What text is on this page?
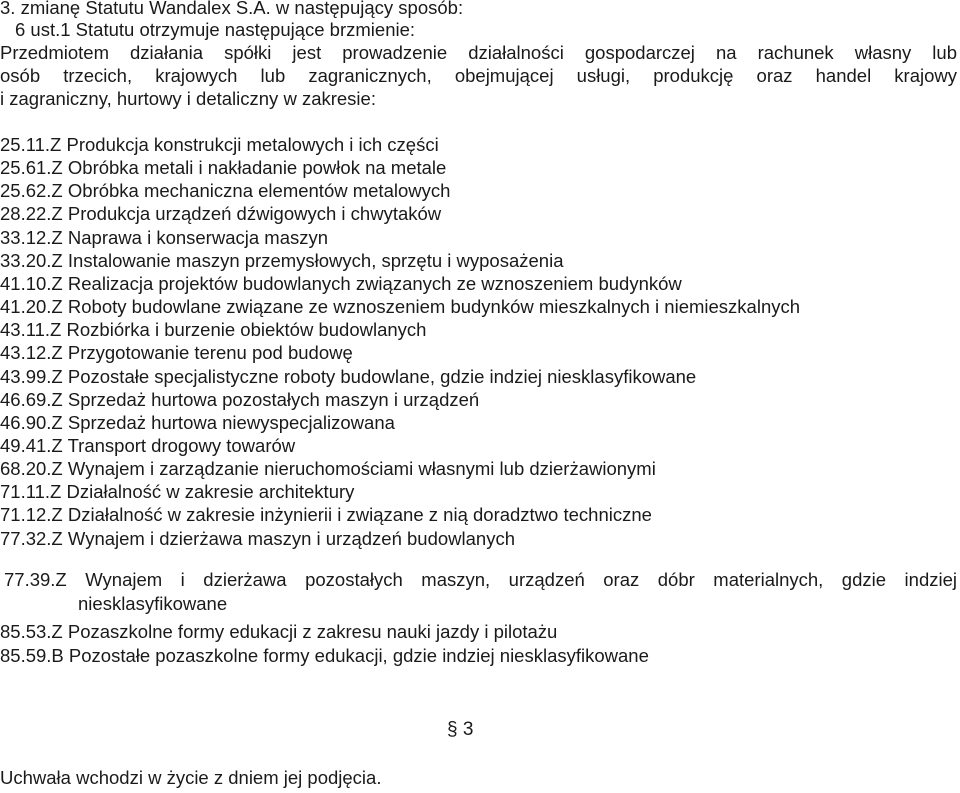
3. zmianę Statutu Wandalex S.A. w następujący sposób:
6 ust.1 Statutu otrzymuje następujące brzmienie:
Przedmiotem działania spółki jest prowadzenie działalności gospodarczej na rachunek własny lub
osób trzecich, krajowych lub zagranicznych, obejmującej usługi, produkcję oraz handel krajowy
i zagraniczny, hurtowy i detaliczny w zakresie:
25.11.Z Produkcja konstrukcji metalowych i ich części
25.61.Z Obróbka metali i nakładanie powłok na metale
25.62.Z Obróbka mechaniczna elementów metalowych
28.22.Z Produkcja urządzeń dźwigowych i chwytaków
33.12.Z Naprawa i konserwacja maszyn
33.20.Z Instalowanie maszyn przemysłowych, sprzętu i wyposażenia
41.10.Z Realizacja projektów budowlanych związanych ze wznoszeniem budynków
41.20.Z Roboty budowlane związane ze wznoszeniem budynków mieszkalnych i niemieszkalnych
43.11.Z Rozbiórka i burzenie obiektów budowlanych
43.12.Z Przygotowanie terenu pod budowę
43.99.Z Pozostałe specjalistyczne roboty budowlane, gdzie indziej niesklasyfikowane
46.69.Z Sprzedaż hurtowa pozostałych maszyn i urządzeń
46.90.Z Sprzedaż hurtowa niewyspecjalizowana
49.41.Z Transport drogowy towarów
68.20.Z Wynajem i zarządzanie nieruchomościami własnymi lub dzierżawionymi
71.11.Z Działalność w zakresie architektury
71.12.Z Działalność w zakresie inżynierii i związane z nią doradztwo techniczne
77.32.Z Wynajem i dzierżawa maszyn i urządzeń budowlanych
77.39.Z Wynajem i dzierżawa pozostałych maszyn, urządzeń oraz dóbr materialnych, gdzie indziej
niesklasyfikowane
85.53.Z Pozaszkolne formy edukacji z zakresu nauki jazdy i pilotażu
85.59.B Pozostałe pozaszkolne formy edukacji, gdzie indziej niesklasyfikowane
§ 3
Uchwała wchodzi w życie z dniem jej podjęcia.
